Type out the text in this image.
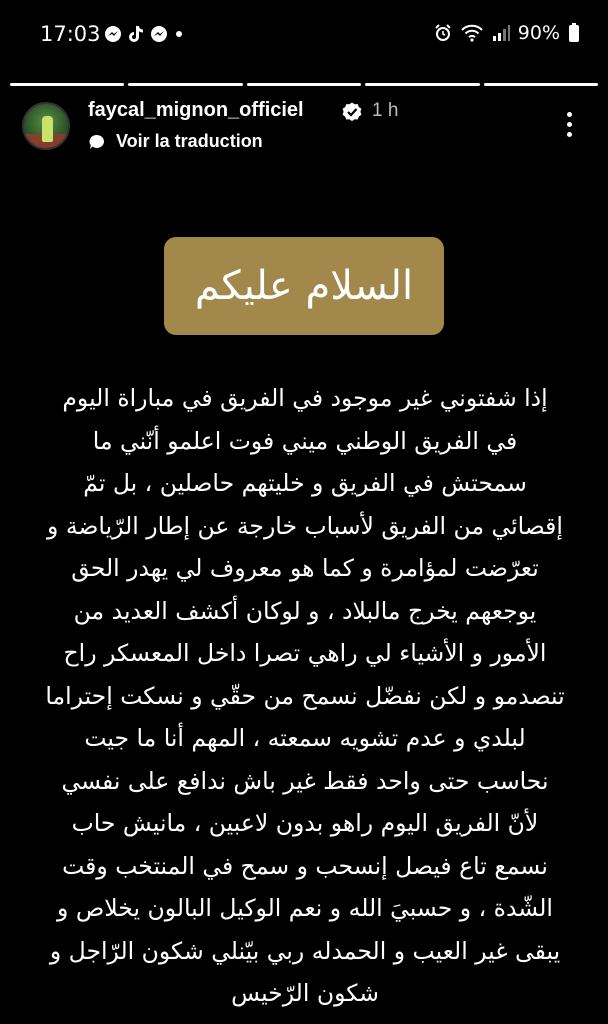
17:03	90%
faycal_mignon_officiel	1 h
Voir la traduction
السلام عليكم
إذا شفتوني غير موجود في الفريق في مباراة اليوم
في الفريق الوطني ميني فوت اعلمو أنّني ما
سمحتش في الفريق و خليتهم حاصلين ، بل تمّ
إقصائي من الفريق لأسباب خارجة عن إطار الرّياضة و
تعرّضت لمؤامرة و كما هو معروف لي يهدر الحق
يوجعهم يخرج مالبلاد ، و لوكان أكشف العديد من
الأمور و الأشياء لي راهي تصرا داخل المعسكر راح
تنصدمو و لكن نفضّل نسمح من حقّي و نسكت إحتراما
لبلدي و عدم تشويه سمعته ، المهم أنا ما جيت
نحاسب حتى واحد فقط غير باش ندافع على نفسي
لأنّ الفريق اليوم راهو بدون لاعبين ، مانيش حاب
نسمع تاع فيصل إنسحب و سمح في المنتخب وقت
الشّدة ، و حسبيَ الله و نعم الوكيل البالون يخلاص و
يبقى غير العيب و الحمدله ربي بيّنلي شكون الرّاجل و
شكون الرّخيس
